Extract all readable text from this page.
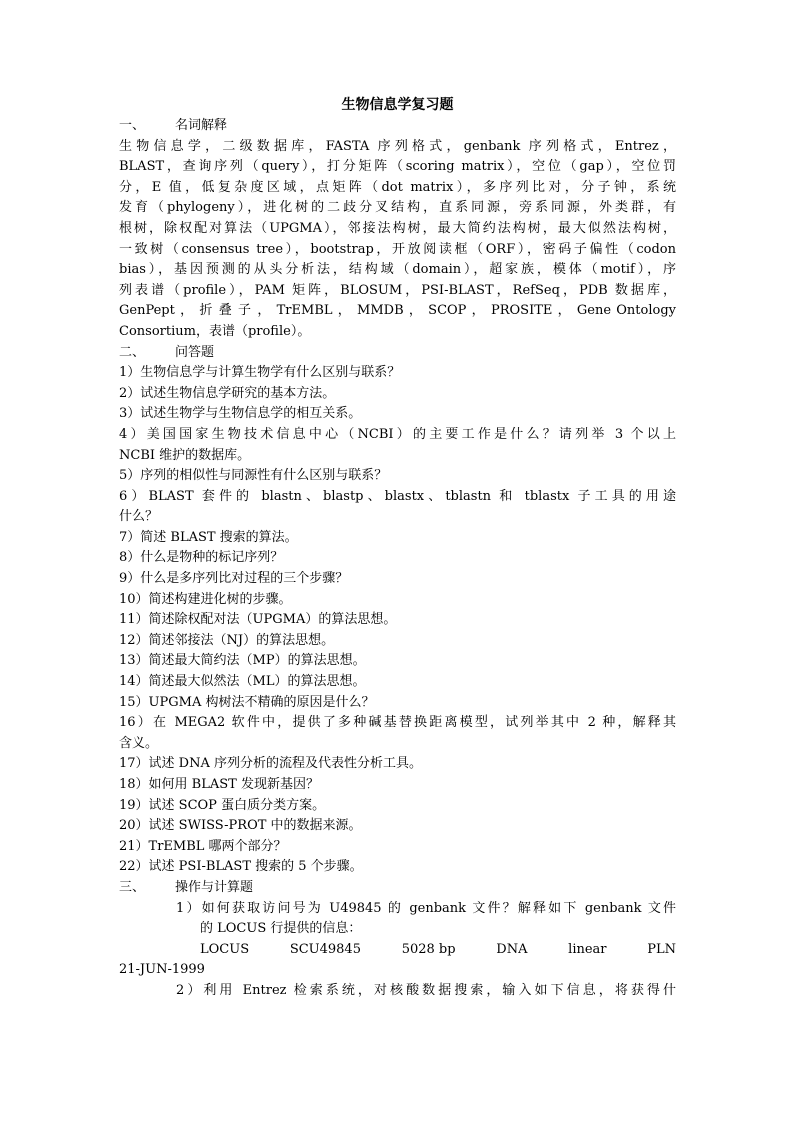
生物信息学复习题

一、 名词解释

生物信息学，二级数据库，FASTA 序列格式，genbank 序列格式，Entrez，

BLAST，查询序列（query），打分矩阵（scoring matrix），空位（gap），空位罚

分，E 值，低复杂度区域，点矩阵（dot matrix），多序列比对，分子钟，系统

发育（phylogeny），进化树的二歧分叉结构，直系同源，旁系同源，外类群，有

根树，除权配对算法（UPGMA），邻接法构树，最大简约法构树，最大似然法构树，

一致树（consensus tree），bootstrap，开放阅读框（ORF），密码子偏性（codon

bias），基因预测的从头分析法，结构域（domain），超家族，模体（motif），序

列表谱（profile），PAM 矩阵，BLOSUM，PSI-BLAST，RefSeq，PDB 数据库，

GenPept ， 折 叠 子 ， TrEMBL ， MMDB ， SCOP ， PROSITE ， Gene Ontology

Consortium，表谱（profile）。

二、 问答题

1）生物信息学与计算生物学有什么区别与联系？

2）试述生物信息学研究的基本方法。

3）试述生物学与生物信息学的相互关系。

4）美国国家生物技术信息中心（NCBI）的主要工作是什么？请列举 3 个以上

NCBI 维护的数据库。

5）序列的相似性与同源性有什么区别与联系？

6）BLAST 套件的 blastn、blastp、blastx、tblastn 和 tblastx 子工具的用途

什么？

7）简述 BLAST 搜索的算法。

8）什么是物种的标记序列？

9）什么是多序列比对过程的三个步骤？

10）简述构建进化树的步骤。

11）简述除权配对法（UPGMA）的算法思想。

12）简述邻接法（NJ）的算法思想。

13）简述最大简约法（MP）的算法思想。

14）简述最大似然法（ML）的算法思想。

15）UPGMA 构树法不精确的原因是什么？

16）在 MEGA2 软件中，提供了多种碱基替换距离模型，试列举其中 2 种，解释其

含义。

17）试述 DNA 序列分析的流程及代表性分析工具。

18）如何用 BLAST 发现新基因？

19）试述 SCOP 蛋白质分类方案。

20）试述 SWISS-PROT 中的数据来源。

21）TrEMBL 哪两个部分？

22）试述 PSI-BLAST 搜索的 5 个步骤。

三、 操作与计算题

1）如何获取访问号为 U49845 的 genbank 文件？解释如下 genbank 文件

的 LOCUS 行提供的信息：

LOCUS	SCU49845	5028 bp	DNA	linear	PLN

21-JUN-1999

2）利用 Entrez 检索系统，对核酸数据搜索，输入如下信息，将获得什
